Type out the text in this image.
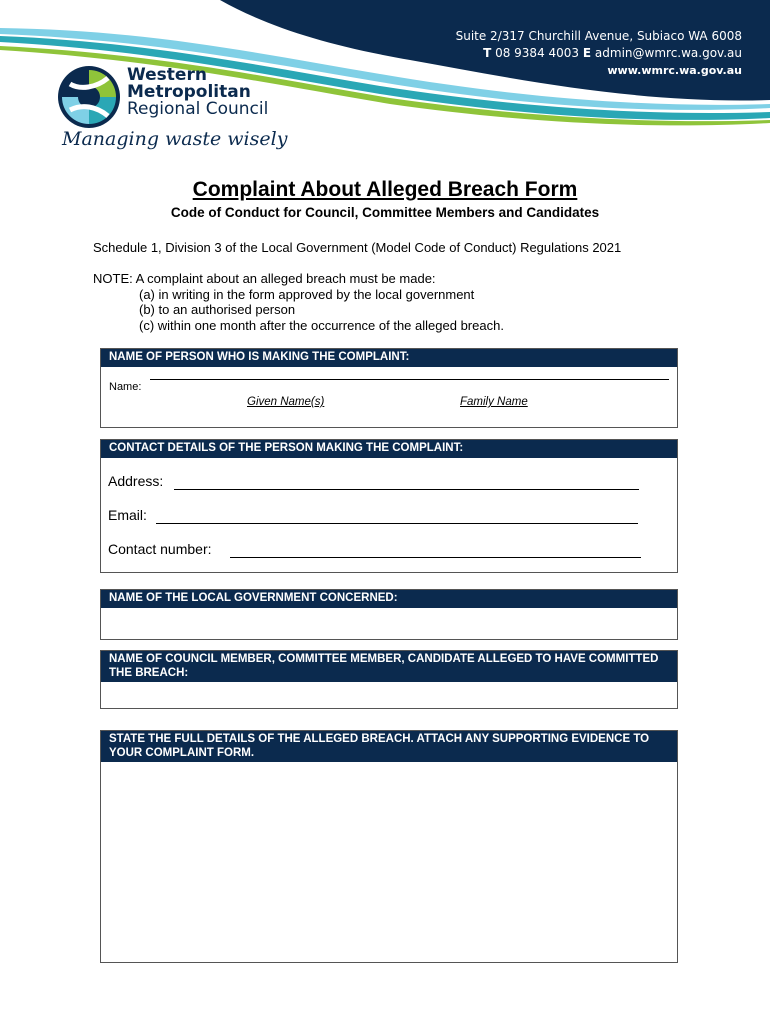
Suite 2/317 Churchill Avenue, Subiaco WA 6008
T 08 9384 4003 E admin@wmrc.wa.gov.au
www.wmrc.wa.gov.au
Western
Metropolitan
Regional Council
Managing waste wisely
Complaint About Alleged Breach Form
Code of Conduct for Council, Committee Members and Candidates
Schedule 1, Division 3 of the Local Government (Model Code of Conduct) Regulations 2021
NOTE: A complaint about an alleged breach must be made:
(a) in writing in the form approved by the local government
(b) to an authorised person
(c) within one month after the occurrence of the alleged breach.
NAME OF PERSON WHO IS MAKING THE COMPLAINT:
Name:
Given Name(s)	Family Name
CONTACT DETAILS OF THE PERSON MAKING THE COMPLAINT:
Address:
Email:
Contact number:
NAME OF THE LOCAL GOVERNMENT CONCERNED:
NAME OF COUNCIL MEMBER, COMMITTEE MEMBER, CANDIDATE ALLEGED TO HAVE COMMITTED THE BREACH:
STATE THE FULL DETAILS OF THE ALLEGED BREACH. ATTACH ANY SUPPORTING EVIDENCE TO YOUR COMPLAINT FORM.
